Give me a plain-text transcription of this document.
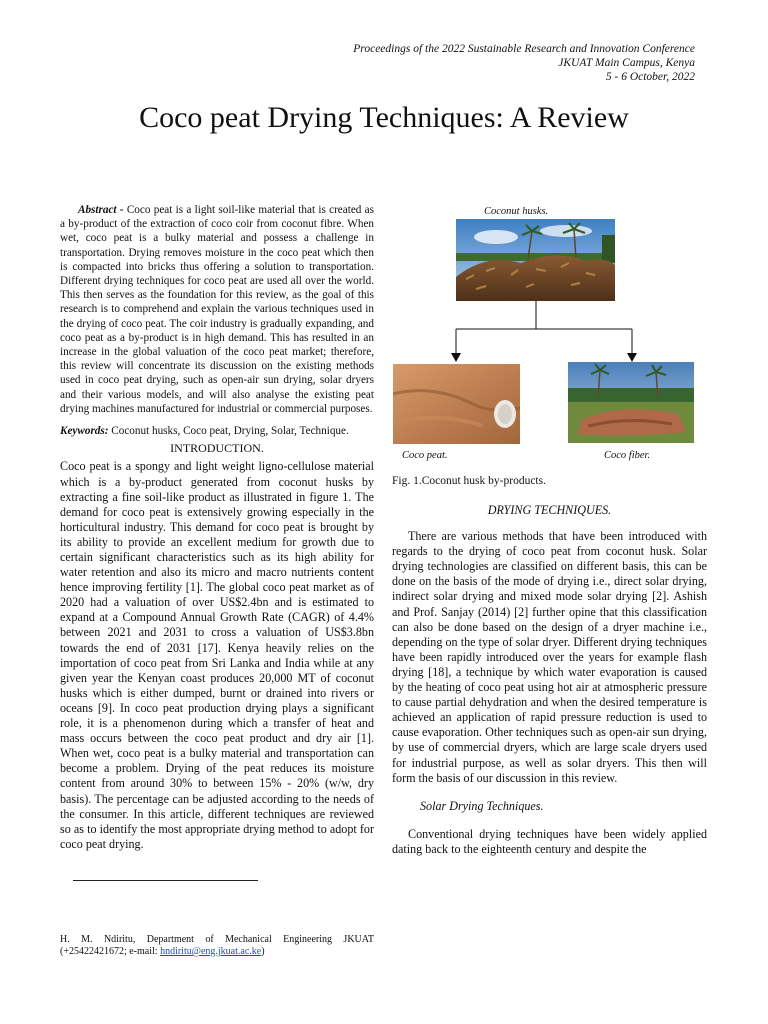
Proceedings of the 2022 Sustainable Research and Innovation Conference
JKUAT Main Campus, Kenya
5 - 6 October, 2022
Coco peat Drying Techniques: A Review

Abstract - Coco peat is a light soil-like material that is created as a by-product of the extraction of coco coir from coconut fibre. When wet, coco peat is a bulky material and possess a challenge in transportation. Drying removes moisture in the coco peat which then is compacted into bricks thus offering a solution to transportation. Different drying techniques for coco peat are used all over the world. This then serves as the foundation for this review, as the goal of this research is to comprehend and explain the various techniques used in the drying of coco peat. The coir industry is gradually expanding, and coco peat as a by-product is in high demand. This has resulted in an increase in the global valuation of the coco peat market; therefore, this review will concentrate its discussion on the existing methods used in coco peat drying, such as open-air sun drying, solar dryers and their various models, and will also analyse the existing peat drying machines manufactured for industrial or commercial purposes.

Keywords: Coconut husks, Coco peat, Drying, Solar, Technique.

INTRODUCTION.

Coco peat is a spongy and light weight ligno-cellulose material which is a by-product generated from coconut husks by extracting a fine soil-like product as illustrated in figure 1. The demand for coco peat is extensively growing especially in the horticultural industry. This demand for coco peat is brought by its ability to provide an excellent medium for growth due to certain significant characteristics such as its high ability for water retention and also its micro and macro nutrients content hence improving fertility [1]. The global coco peat market as of 2020 had a valuation of over US$2.4bn and is estimated to expand at a Compound Annual Growth Rate (CAGR) of 4.4% between 2021 and 2031 to cross a valuation of US$3.8bn towards the end of 2031 [17]. Kenya heavily relies on the importation of coco peat from Sri Lanka and India while at any given year the Kenyan coast produces 20,000 MT of coconut husks which is either dumped, burnt or drained into rivers or oceans [9]. In coco peat production drying plays a significant role, it is a phenomenon during which a transfer of heat and mass occurs between the coco peat product and dry air [1]. When wet, coco peat is a bulky material and transportation can become a problem. Drying of the peat reduces its moisture content from around 30% to between 15% - 20% (w/w, dry basis). The percentage can be adjusted according to the needs of the consumer. In this article, different techniques are reviewed so as to identify the most appropriate drying method to adopt for coco peat drying.

H. M. Ndiritu, Department of Mechanical Engineering JKUAT (+25422421672; e-mail: hndiritu@eng.jkuat.ac.ke)
Coconut husks.
Coco peat.	Coco fiber.
Fig. 1.Coconut husk by-products.

DRYING TECHNIQUES.

There are various methods that have been introduced with regards to the drying of coco peat from coconut husk. Solar drying technologies are classified on different basis, this can be done on the basis of the mode of drying i.e., direct solar drying, indirect solar drying and mixed mode solar drying [2]. Ashish and Prof. Sanjay (2014) [2] further opine that this classification can also be done based on the design of a dryer machine i.e., depending on the type of solar dryer. Different drying techniques have been rapidly introduced over the years for example flash drying [18], a technique by which water evaporation is caused by the heating of coco peat using hot air at atmospheric pressure to cause partial dehydration and when the desired temperature is achieved an application of rapid pressure reduction is used to cause evaporation. Other techniques such as open-air sun drying, by use of commercial dryers, which are large scale dryers used for industrial purpose, as well as solar dryers. This then will form the basis of our discussion in this review.

Solar Drying Techniques.

Conventional drying techniques have been widely applied dating back to the eighteenth century and despite the
